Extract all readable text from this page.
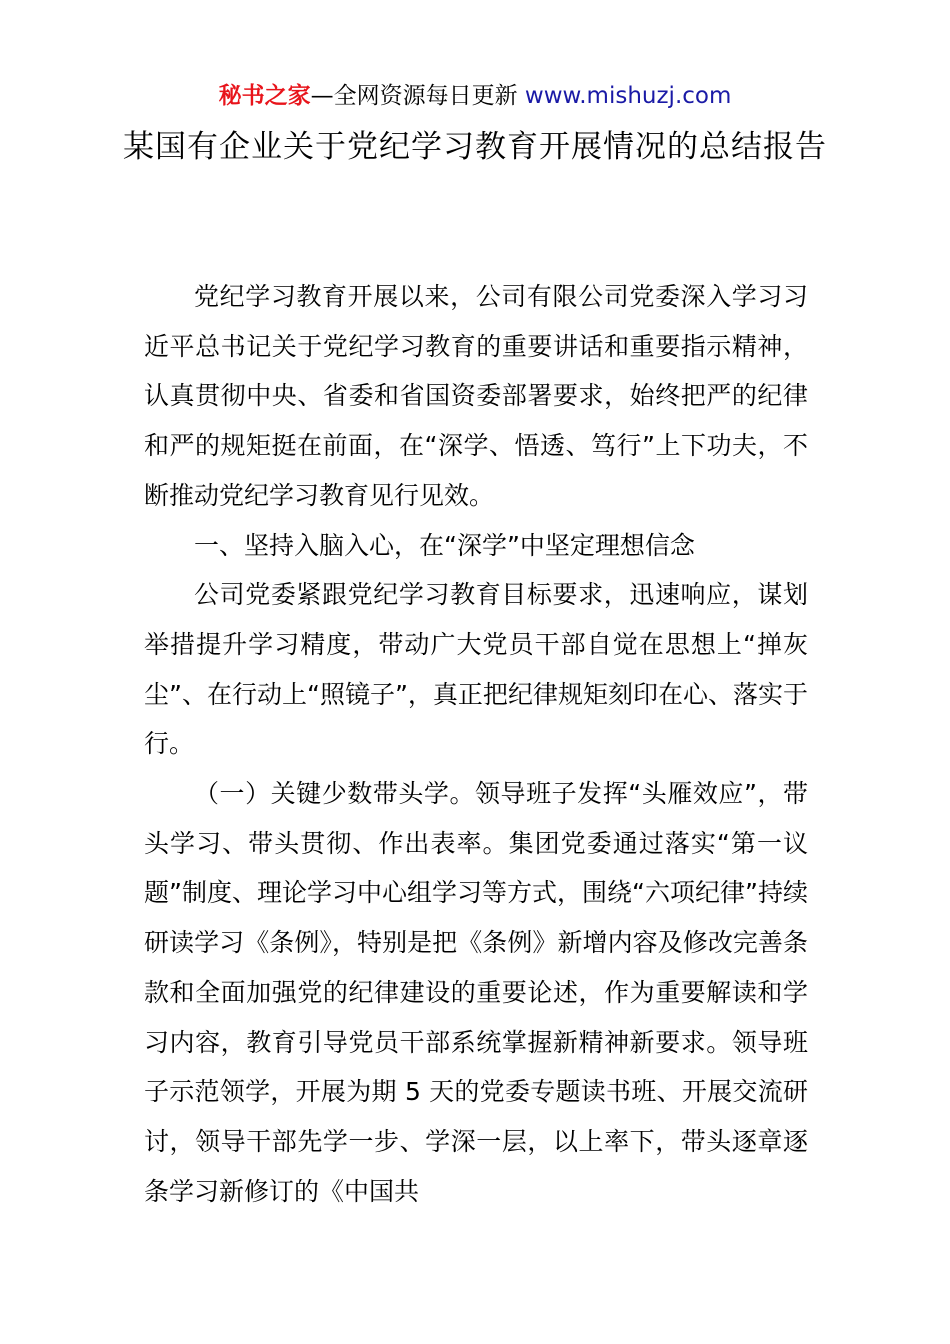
秘书之家—全网资源每日更新 www.mishuzj.com
某国有企业关于党纪学习教育开展情况的总结报告

党纪学习教育开展以来，公司有限公司党委深入学习习近平总书记关于党纪学习教育的重要讲话和重要指示精神，认真贯彻中央、省委和省国资委部署要求，始终把严的纪律和严的规矩挺在前面，在“深学、悟透、笃行”上下功夫，不断推动党纪学习教育见行见效。

一、坚持入脑入心，在“深学”中坚定理想信念

公司党委紧跟党纪学习教育目标要求，迅速响应，谋划举措提升学习精度，带动广大党员干部自觉在思想上“掸灰尘”、在行动上“照镜子”，真正把纪律规矩刻印在心、落实于行。

（一）关键少数带头学。领导班子发挥“头雁效应”，带头学习、带头贯彻、作出表率。集团党委通过落实“第一议题”制度、理论学习中心组学习等方式，围绕“六项纪律”持续研读学习《条例》，特别是把《条例》新增内容及修改完善条款和全面加强党的纪律建设的重要论述，作为重要解读和学习内容，教育引导党员干部系统掌握新精神新要求。领导班子示范领学，开展为期 5 天的党委专题读书班、开展交流研讨，领导干部先学一步、学深一层，以上率下，带头逐章逐条学习新修订的《中国共
